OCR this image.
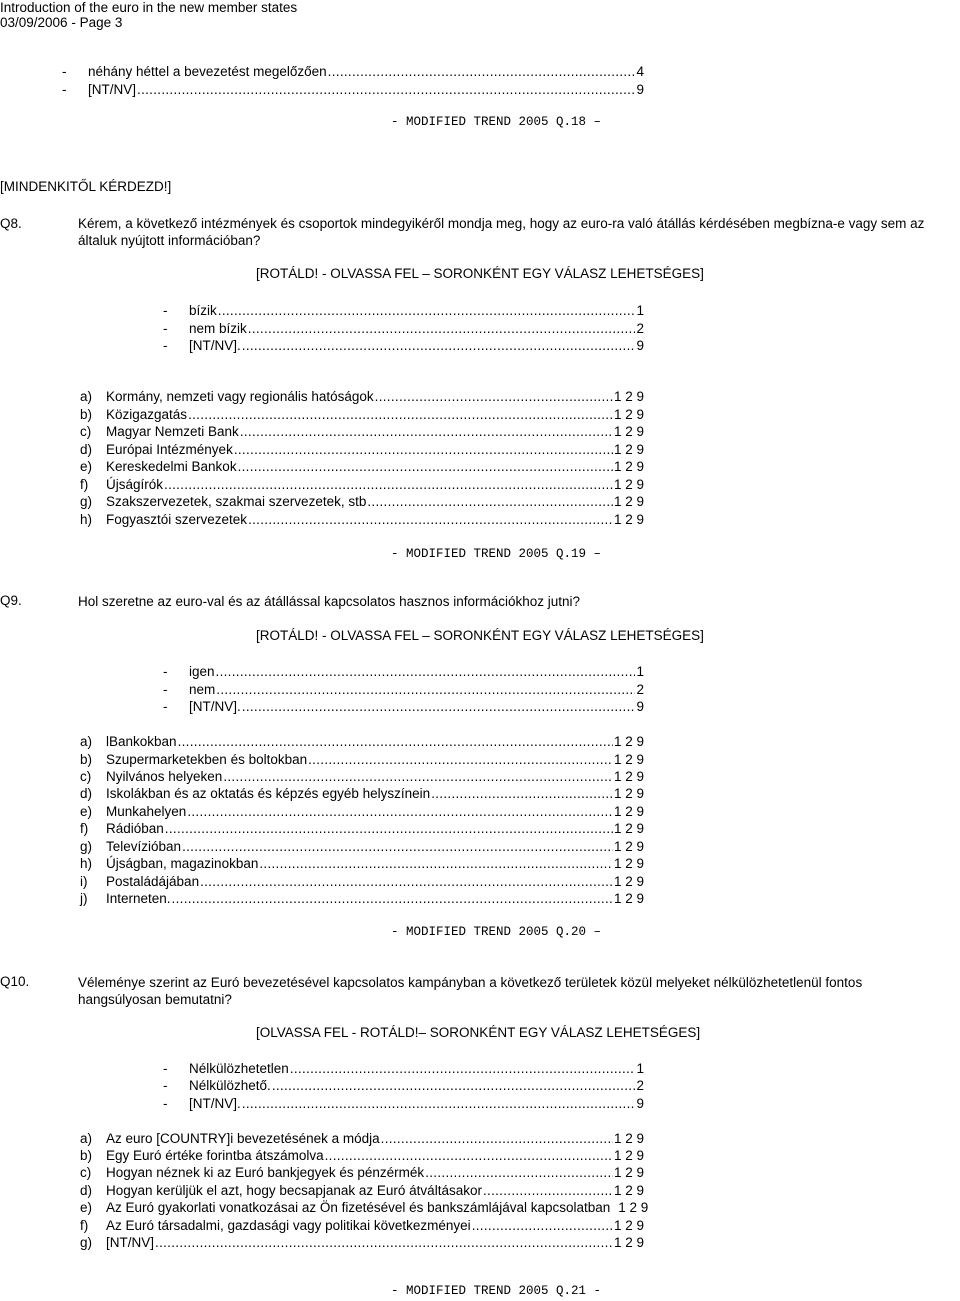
Introduction of the euro in the new member states
03/09/2006 - Page 3
-	néhány héttel a bevezetést megelőzően .....	4
-	[NT/NV] .....	9
- MODIFIED TREND 2005 Q.18 –
[MINDENKITŐL KÉRDEZD!]
Q8.	Kérem, a következő intézmények és csoportok mindegyikéről mondja meg, hogy az euro-ra való átállás kérdésében megbízna-e vagy sem az általuk nyújtott információban?
[ROTÁLD! - OLVASSA FEL – SORONKÉNT EGY VÁLASZ LEHETSÉGES]
-	bízik .....	1
-	nem bízik .....	2
-	[NT/NV]. .....	9
a)	Kormány, nemzeti vagy regionális hatóságok .....	1 2 9
b)	Közigazgatás .....	1 2 9
c)	Magyar Nemzeti Bank .....	1 2 9
d)	Európai Intézmények .....	1 2 9
e)	Kereskedelmi Bankok .....	1 2 9
f)	Újságírók .....	1 2 9
g)	Szakszervezetek, szakmai szervezetek, stb .....	1 2 9
h)	Fogyasztói szervezetek .....	1 2 9
- MODIFIED TREND 2005 Q.19 –
Q9.	Hol szeretne az euro-val és az átállással kapcsolatos hasznos információkhoz jutni?
[ROTÁLD! - OLVASSA FEL – SORONKÉNT EGY VÁLASZ LEHETSÉGES]
-	igen .....	1
-	nem .....	2
-	[NT/NV]. .....	9
a)	lBankokban .....	1 2 9
b)	Szupermarketekben és boltokban .....	1 2 9
c)	Nyilvános helyeken .....	1 2 9
d)	Iskolákban és az oktatás és képzés egyéb helyszínein .....	1 2 9
e)	Munkahelyen .....	1 2 9
f)	Rádióban .....	1 2 9
g)	Televízióban .....	1 2 9
h)	Újságban, magazinokban .....	1 2 9
i)	Postaládájában .....	1 2 9
j)	Interneten. .....	1 2 9
- MODIFIED TREND 2005 Q.20 –
Q10.	Véleménye szerint az Euró bevezetésével kapcsolatos kampányban a következő területek közül melyeket nélkülözhetetlenül fontos hangsúlyosan bemutatni?
[OLVASSA FEL - ROTÁLD!– SORONKÉNT EGY VÁLASZ LEHETSÉGES]
-	Nélkülözhetetlen .....	1
-	Nélkülözhető. .....	2
-	[NT/NV]. .....	9
a)	Az euro [COUNTRY]i bevezetésének a módja .....	1 2 9
b)	Egy Euró értéke forintba átszámolva .....	1 2 9
c)	Hogyan néznek ki az Euró bankjegyek és pénzérmék .....	1 2 9
d)	Hogyan kerüljük el azt, hogy becsapjanak az Euró átváltásakor .....	1 2 9
e)	Az Euró gyakorlati vonatkozásai az Ön fizetésével és bankszámlájával kapcsolatban 1 2 9
f)	Az Euró társadalmi, gazdasági vagy politikai következményei .....	1 2 9
g)	[NT/NV] .....	1 2 9
- MODIFIED TREND 2005 Q.21 -
